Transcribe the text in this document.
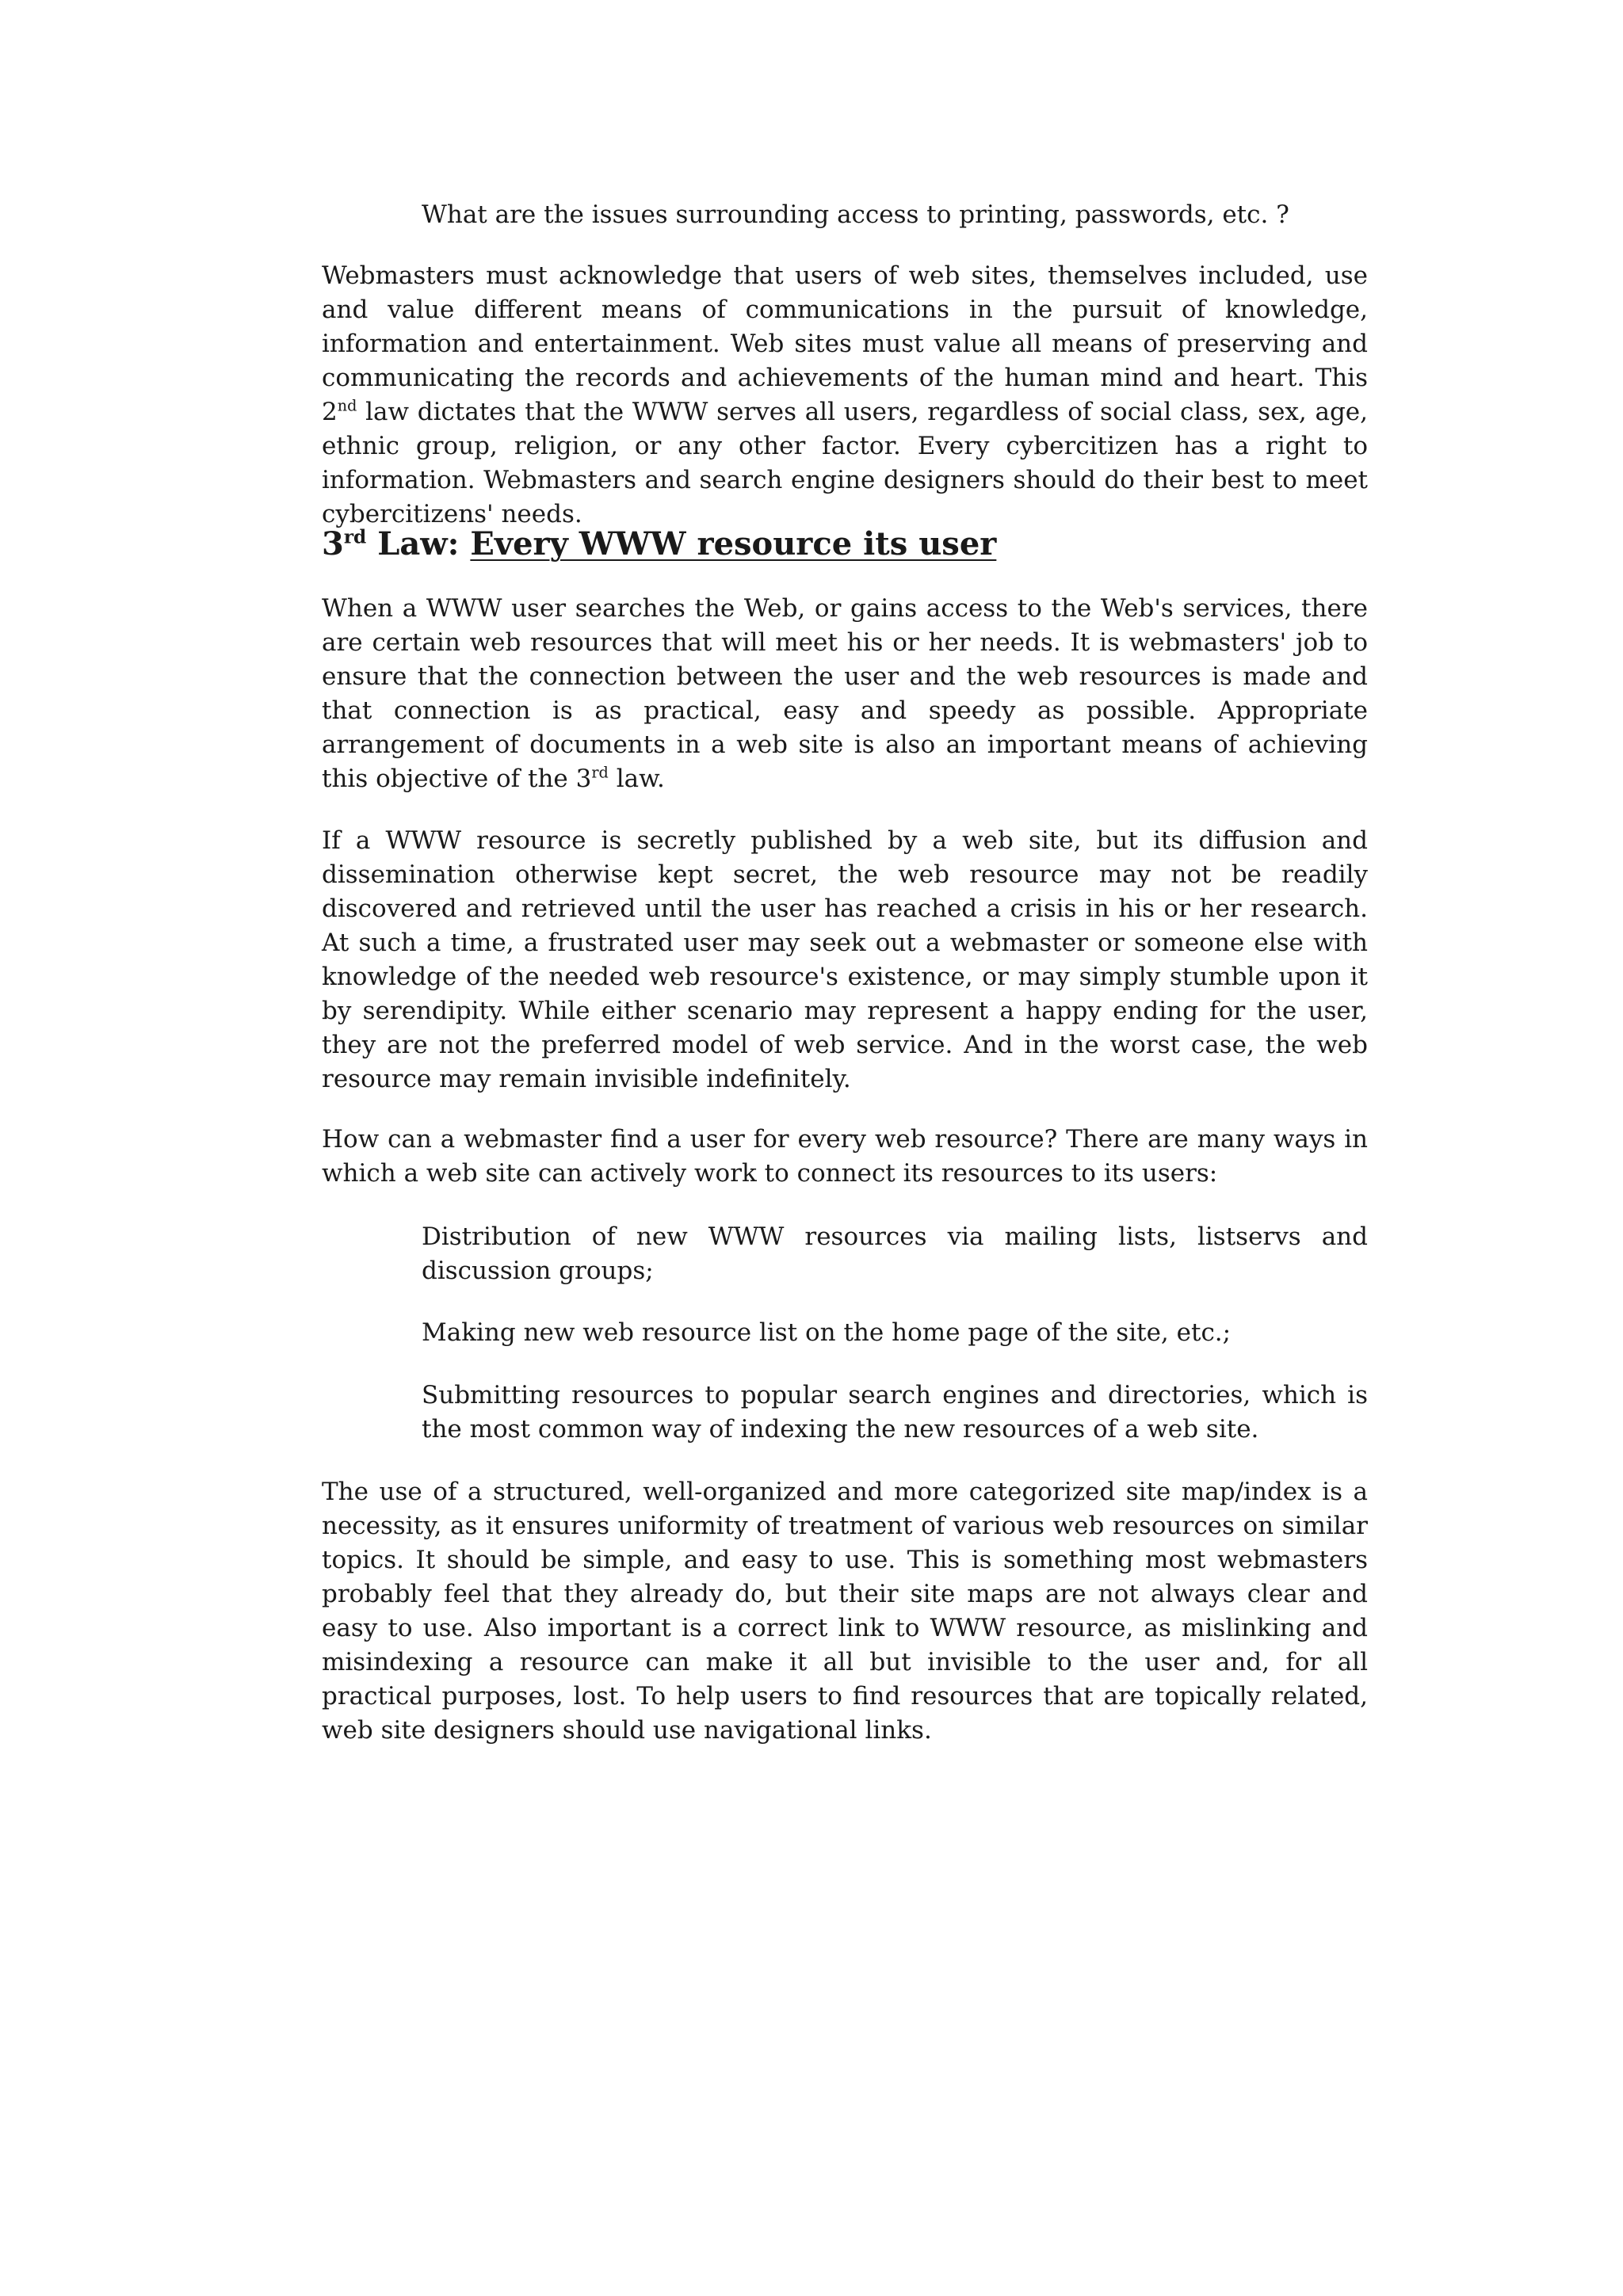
What are the issues surrounding access to printing, passwords, etc. ?

Webmasters must acknowledge that users of web sites, themselves included, use and value different means of communications in the pursuit of knowledge, information and entertainment. Web sites must value all means of preserving and communicating the records and achievements of the human mind and heart. This 2nd law dictates that the WWW serves all users, regardless of social class, sex, age, ethnic group, religion, or any other factor. Every cybercitizen has a right to information. Webmasters and search engine designers should do their best to meet cybercitizens' needs.

3rd Law: Every WWW resource its user

When a WWW user searches the Web, or gains access to the Web's services, there are certain web resources that will meet his or her needs. It is webmasters' job to ensure that the connection between the user and the web resources is made and that connection is as practical, easy and speedy as possible. Appropriate arrangement of documents in a web site is also an important means of achieving this objective of the 3rd law.

If a WWW resource is secretly published by a web site, but its diffusion and dissemination otherwise kept secret, the web resource may not be readily discovered and retrieved until the user has reached a crisis in his or her research. At such a time, a frustrated user may seek out a webmaster or someone else with knowledge of the needed web resource's existence, or may simply stumble upon it by serendipity. While either scenario may represent a happy ending for the user, they are not the preferred model of web service. And in the worst case, the web resource may remain invisible indefinitely.

How can a webmaster find a user for every web resource? There are many ways in which a web site can actively work to connect its resources to its users:

Distribution of new WWW resources via mailing lists, listservs and discussion groups;

Making new web resource list on the home page of the site, etc.;

Submitting resources to popular search engines and directories, which is the most common way of indexing the new resources of a web site.

The use of a structured, well-organized and more categorized site map/index is a necessity, as it ensures uniformity of treatment of various web resources on similar topics. It should be simple, and easy to use. This is something most webmasters probably feel that they already do, but their site maps are not always clear and easy to use. Also important is a correct link to WWW resource, as mislinking and misindexing a resource can make it all but invisible to the user and, for all practical purposes, lost. To help users to find resources that are topically related, web site designers should use navigational links.
